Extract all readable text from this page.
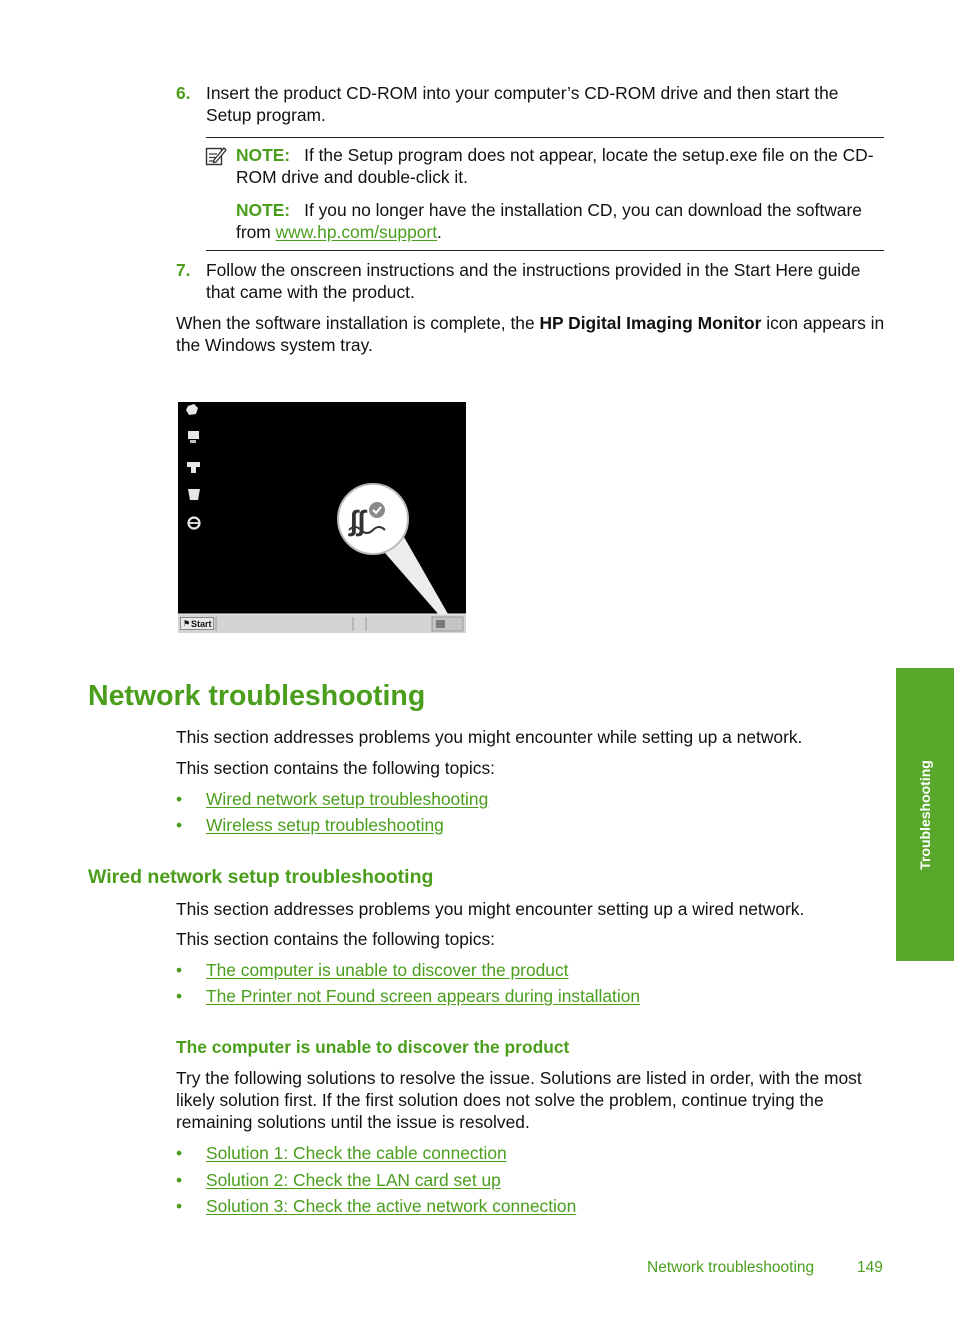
6. Insert the product CD-ROM into your computer’s CD-ROM drive and then start the Setup program.
NOTE: If the Setup program does not appear, locate the setup.exe file on the CD-ROM drive and double-click it.
NOTE: If you no longer have the installation CD, you can download the software from www.hp.com/support.
7. Follow the onscreen instructions and the instructions provided in the Start Here guide that came with the product.
When the software installation is complete, the HP Digital Imaging Monitor icon appears in the Windows system tray.
∫∫
⚑ Start
Network troubleshooting
This section addresses problems you might encounter while setting up a network.
This section contains the following topics:
• Wired network setup troubleshooting
• Wireless setup troubleshooting
Wired network setup troubleshooting
This section addresses problems you might encounter setting up a wired network.
This section contains the following topics:
• The computer is unable to discover the product
• The Printer not Found screen appears during installation
The computer is unable to discover the product
Try the following solutions to resolve the issue. Solutions are listed in order, with the most likely solution first. If the first solution does not solve the problem, continue trying the remaining solutions until the issue is resolved.
• Solution 1: Check the cable connection
• Solution 2: Check the LAN card set up
• Solution 3: Check the active network connection
Troubleshooting
Network troubleshooting	149
